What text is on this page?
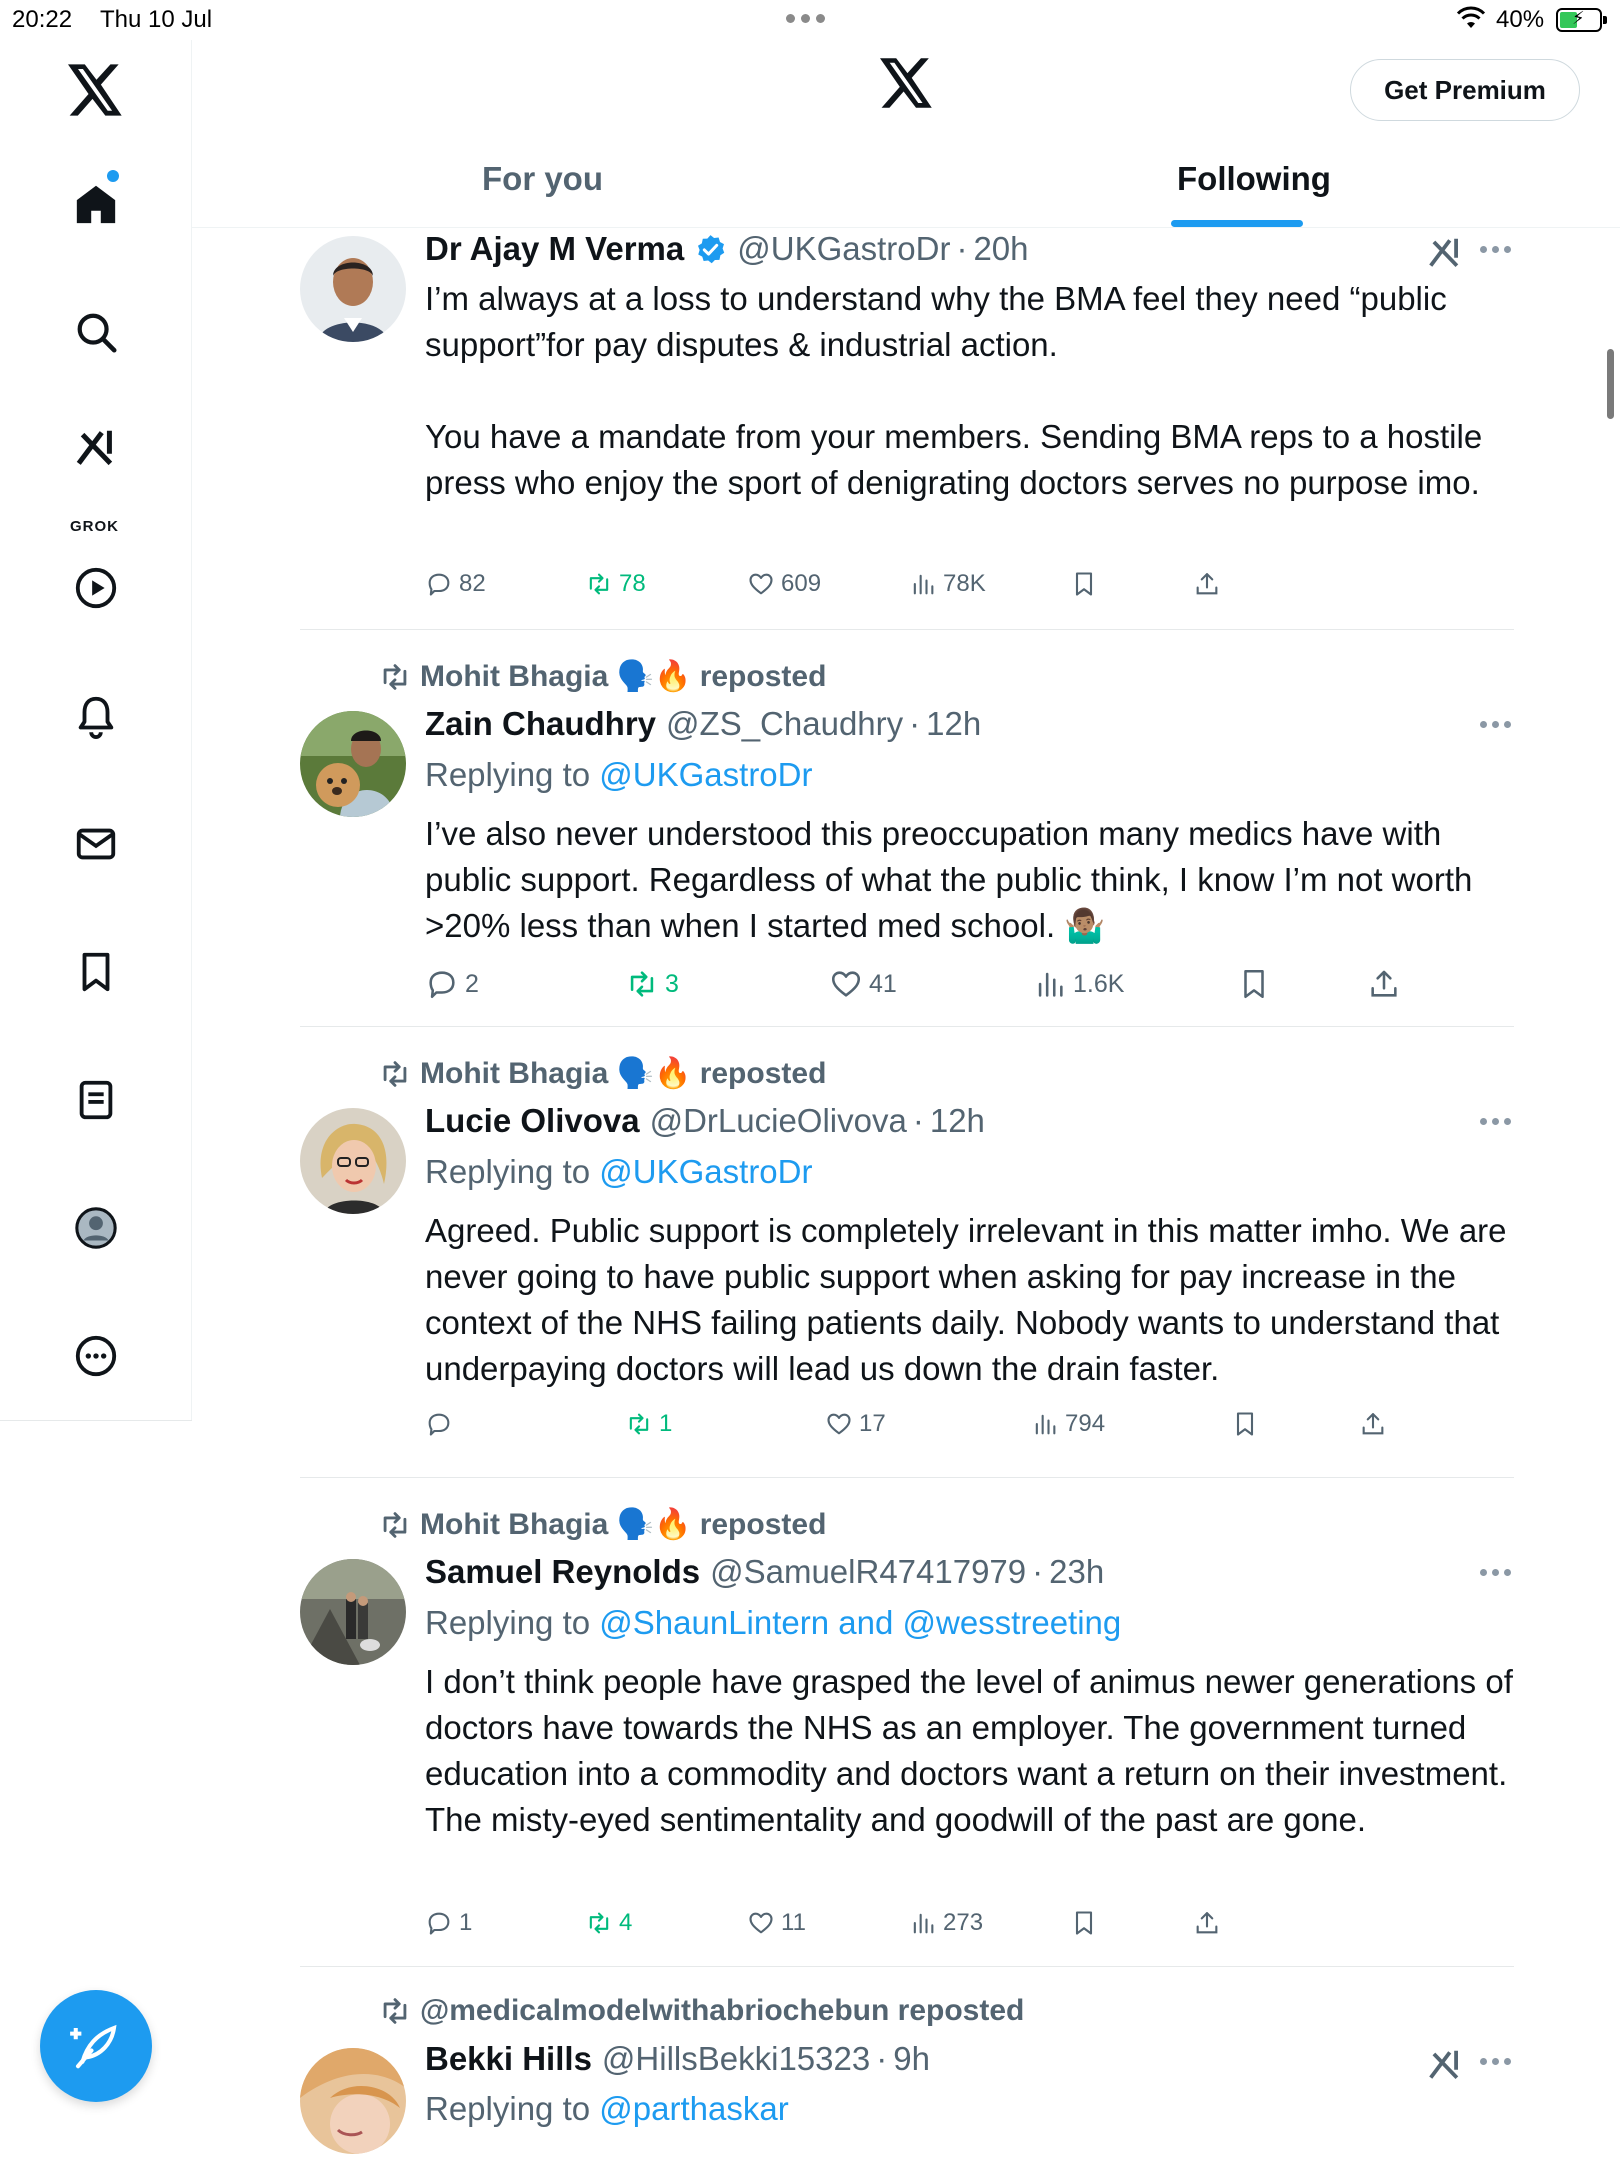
20:22 Thu 10 Jul	40% ⚡
GROK
Get Premium
For you	Following
Dr Ajay M Verma @UKGastroDr · 20h

I’m always at a loss to understand why the BMA feel they need “public support”for pay disputes & industrial action.

You have a mandate from your members. Sending BMA reps to a hostile press who enjoy the sport of denigrating doctors serves no purpose imo.

82	78	609	78K
Mohit Bhagia 🗣️🔥 reposted
Zain Chaudhry @ZS_Chaudhry · 12h
Replying to @UKGastroDr

I’ve also never understood this preoccupation many medics have with public support. Regardless of what the public think, I know I’m not worth >20% less than when I started med school. 🤷🏽‍♂️

2	3	41	1.6K
Mohit Bhagia 🗣️🔥 reposted
Lucie Olivova @DrLucieOlivova · 12h
Replying to @UKGastroDr

Agreed. Public support is completely irrelevant in this matter imho. We are never going to have public support when asking for pay increase in the context of the NHS failing patients daily. Nobody wants to understand that underpaying doctors will lead us down the drain faster.

1	17	794
Mohit Bhagia 🗣️🔥 reposted
Samuel Reynolds @SamuelR47417979 · 23h
Replying to @ShaunLintern and @wesstreeting

I don’t think people have grasped the level of animus newer generations of doctors have towards the NHS as an employer. The government turned education into a commodity and doctors want a return on their investment. The misty-eyed sentimentality and goodwill of the past are gone.

1	4	11	273
@medicalmodelwithabriochebun reposted
Bekki Hills @HillsBekki15323 · 9h
Replying to @parthaskar
